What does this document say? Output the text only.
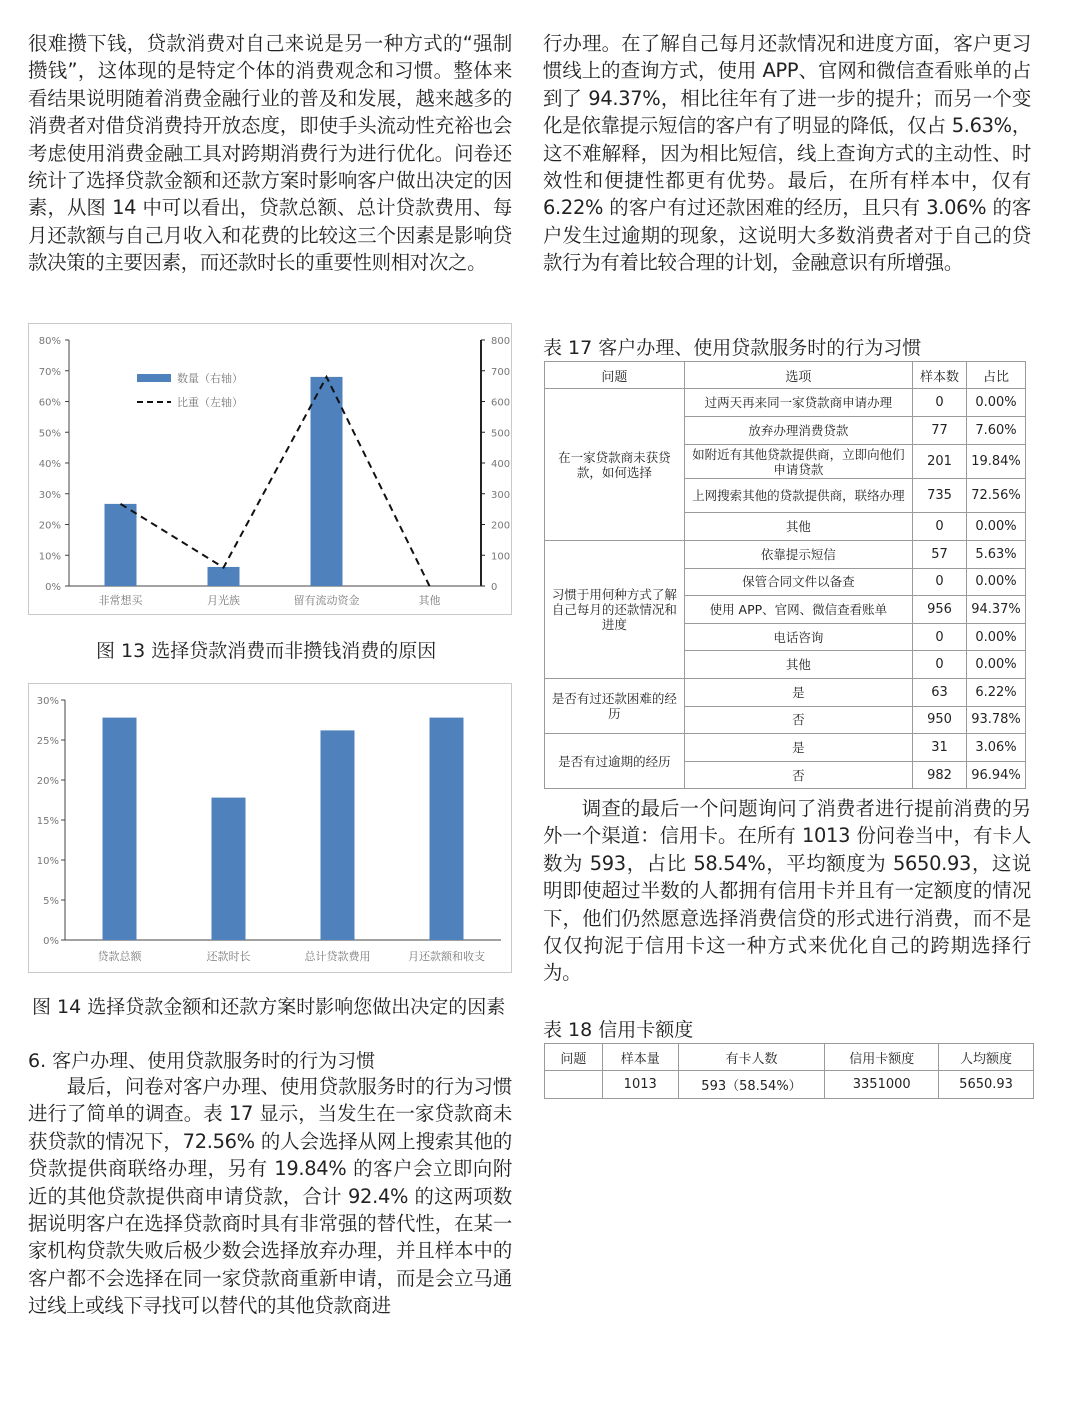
很难攒下钱，贷款消费对自己来说是另一种方式的“强制攒钱”，这体现的是特定个体的消费观念和习惯。整体来看结果说明随着消费金融行业的普及和发展，越来越多的消费者对借贷消费持开放态度，即使手头流动性充裕也会考虑使用消费金融工具对跨期消费行为进行优化。问卷还统计了选择贷款金额和还款方案时影响客户做出决定的因素，从图 14 中可以看出，贷款总额、总计贷款费用、每月还款额与自己月收入和花费的比较这三个因素是影响贷款决策的主要因素，而还款时长的重要性则相对次之。

0%
10%
20%
30%
40%
50%
60%
70%
80%
0
100
200
300
400
500
600
700
800
非常想买	月光族	留有流动资金	其他
数量（右轴）
比重（左轴）
图 13 选择贷款消费而非攒钱消费的原因
0%
5%
10%
15%
20%
25%
30%
贷款总额	还款时长	总计贷款费用	月还款额和收支
图 14 选择贷款金额和还款方案时影响您做出决定的因素
6. 客户办理、使用贷款服务时的行为习惯

最后，问卷对客户办理、使用贷款服务时的行为习惯进行了简单的调查。表 17 显示，当发生在一家贷款商未获贷款的情况下，72.56% 的人会选择从网上搜索其他的贷款提供商联络办理，另有 19.84% 的客户会立即向附近的其他贷款提供商申请贷款，合计 92.4% 的这两项数据说明客户在选择贷款商时具有非常强的替代性，在某一家机构贷款失败后极少数会选择放弃办理，并且样本中的客户都不会选择在同一家贷款商重新申请，而是会立马通过线上或线下寻找可以替代的其他贷款商进

行办理。在了解自己每月还款情况和进度方面，客户更习惯线上的查询方式，使用 APP、官网和微信查看账单的占到了 94.37%，相比往年有了进一步的提升；而另一个变化是依靠提示短信的客户有了明显的降低，仅占 5.63%，这不难解释，因为相比短信，线上查询方式的主动性、时效性和便捷性都更有优势。最后，在所有样本中，仅有 6.22% 的客户有过还款困难的经历，且只有 3.06% 的客户发生过逾期的现象，这说明大多数消费者对于自己的贷款行为有着比较合理的计划，金融意识有所增强。

表 17 客户办理、使用贷款服务时的行为习惯
问题	选项	样本数	占比
在一家贷款商未获贷款，如何选择	过两天再来同一家贷款商申请办理	0	0.00%
	放弃办理消费贷款	77	7.60%
	如附近有其他贷款提供商，立即向他们申请贷款	201	19.84%
	上网搜索其他的贷款提供商，联络办理	735	72.56%
	其他	0	0.00%
习惯于用何种方式了解自己每月的还款情况和进度	依靠提示短信	57	5.63%
	保管合同文件以备查	0	0.00%
	使用 APP、官网、微信查看账单	956	94.37%
	电话咨询	0	0.00%
	其他	0	0.00%
是否有过还款困难的经历	是	63	6.22%
	否	950	93.78%
是否有过逾期的经历	是	31	3.06%
	否	982	96.94%

调查的最后一个问题询问了消费者进行提前消费的另外一个渠道：信用卡。在所有 1013 份问卷当中，有卡人数为 593，占比 58.54%，平均额度为 5650.93，这说明即使超过半数的人都拥有信用卡并且有一定额度的情况下，他们仍然愿意选择消费信贷的形式进行消费，而不是仅仅拘泥于信用卡这一种方式来优化自己的跨期选择行为。

表 18 信用卡额度
问题	样本量	有卡人数	信用卡额度	人均额度
	1013	593（58.54%）	3351000	5650.93
